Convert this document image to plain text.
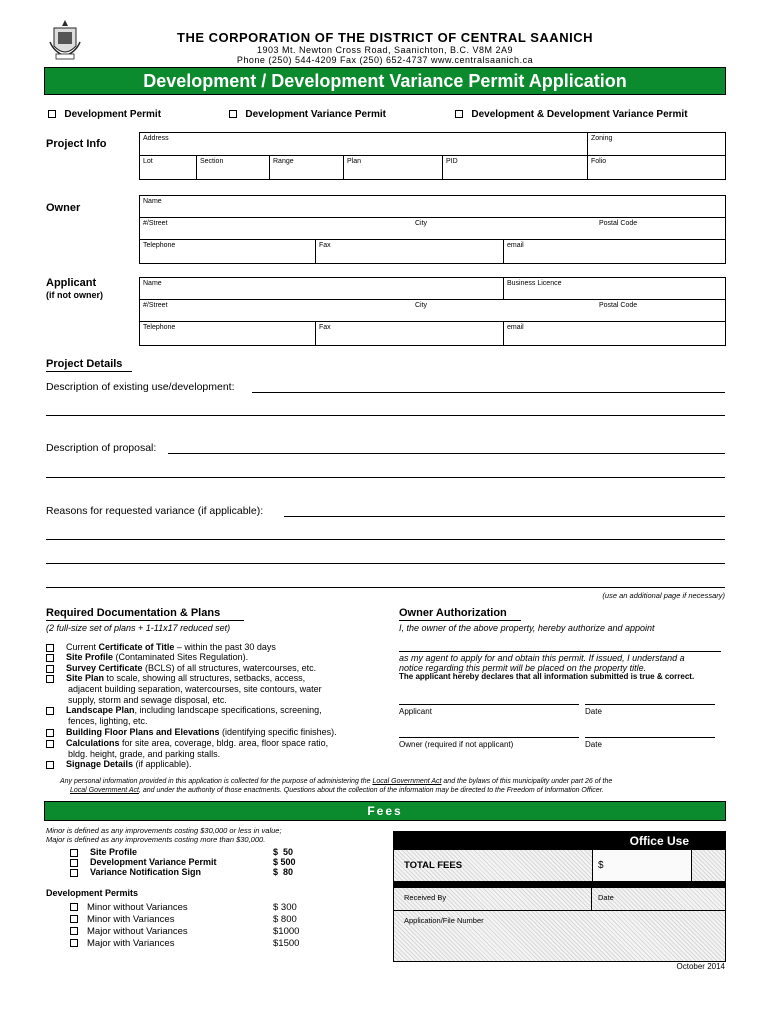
THE CORPORATION OF THE DISTRICT OF CENTRAL SAANICH
1903 Mt. Newton Cross Road, Saanichton, B.C. V8M 2A9
Phone (250) 544-4209 Fax (250) 652-4737 www.centralsaanich.ca
Development / Development Variance Permit Application
Development Permit	Development Variance Permit	Development & Development Variance Permit
Project Info	Address	Zoning
Lot	Section	Range	Plan	PID	Folio
Owner
Name
#/Street	City	Postal Code
Telephone	Fax	email
Applicant
(if not owner)
Name	Business Licence
#/Street	City	Postal Code
Telephone	Fax	email
Project Details
Description of existing use/development:
Description of proposal:
Reasons for requested variance (if applicable):
(use an additional page if necessary)
Required Documentation & Plans
(2 full-size set of plans + 1-11x17 reduced set)
Current Certificate of Title – within the past 30 days
Site Profile (Contaminated Sites Regulation).
Survey Certificate (BCLS) of all structures, watercourses, etc.
Site Plan to scale, showing all structures, setbacks, access,
Landscape Plan, including landscape specifications, screening,
Building Floor Plans and Elevations (identifying specific finishes).
Calculations for site area, coverage, bldg. area, floor space ratio,
Signage Details (if applicable).
adjacent building separation, watercourses, site contours, water
supply, storm and sewage disposal, etc.
fences, lighting, etc.
bldg. height, grade, and parking stalls.
Owner Authorization
I, the owner of the above property, hereby authorize and appoint
as my agent to apply for and obtain this permit. If issued, I understand a
notice regarding this permit will be placed on the property title.
The applicant hereby declares that all information submitted is true & correct.
Applicant	Date
Owner (required if not applicant)	Date
Any personal information provided in this application is collected for the purpose of administering the Local Government Act and the bylaws of this municipality under part 26 of the
Local Government Act, and under the authority of those enactments. Questions about the collection of the information may be directed to the Freedom of Information Officer.
Fees
Minor is defined as any improvements costing $30,000 or less in value;
Major is defined as any improvements costing more than $30,000.
Site Profile	$  50
Development Variance Permit	$ 500
Variance Notification Sign	$  80
Development Permits
Minor without Variances	$ 300
Minor with Variances	$ 800
Major without Variances	$1000
Major with Variances	$1500
Office Use
TOTAL FEES	$
Received By	Date
Application/File Number
October 2014
